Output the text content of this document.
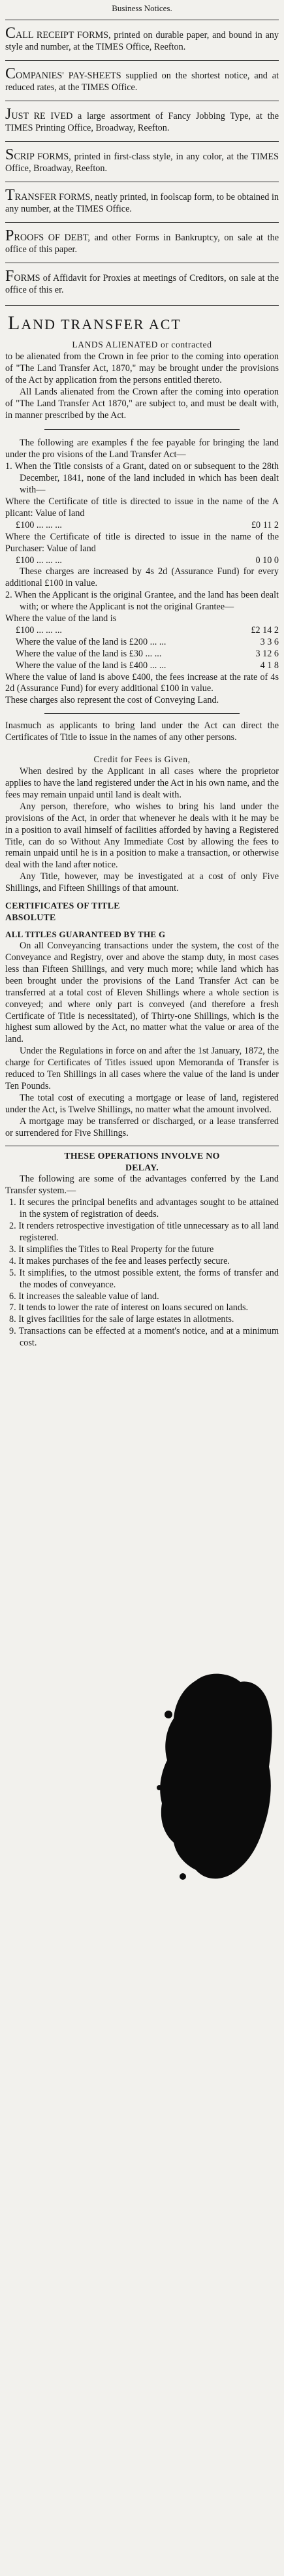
Business Notices.

CALL RECEIPT FORMS, printed on durable paper, and bound in any style and number, at the TIMES Office, Reefton.

COMPANIES' PAY-SHEETS supplied on the shortest notice, and at reduced rates, at the TIMES Office.

JUST RE IVED a large assortment of Fancy Jobbing Type, at the TIMES Printing Office, Broadway, Reefton.

SCRIP FORMS, printed in first-class style, in any color, at the TIMES Office, Broadway, Reefton.

TRANSFER FORMS, neatly printed, in foolscap form, to be obtained in any number, at the TIMES Office.

PROOFS OF DEBT, and other Forms in Bankruptcy, on sale at the office of this paper.

FORMS of Affidavit for Proxies at meetings of Creditors, on sale at the office of this er.

LAND TRANSFER ACT

LANDS ALIENATED or contracted

to be alienated from the Crown in fee prior to the coming into operation of "The Land Transfer Act, 1870," may be brought under the provisions of the Act by application from the persons entitled thereto.

All Lands alienated from the Crown after the coming into operation of "The Land Transfer Act 1870," are subject to, and must be dealt with, in manner prescribed by the Act.

The following are examples f the fee payable for bringing the land under the pro visions of the Land Transfer Act—

1. When the Title consists of a Grant, dated on or subsequent to the 28th December, 1841, none of the land included in which has been dealt with—

Where the Certificate of title is directed to issue in the name of the A plicant: Value of land

£100 ... ... ...	£0 11 2

Where the Certificate of title is directed to issue in the name of the Purchaser: Value of land

£100 ... ... ...	0 10 0

These charges are increased by 4s 2d (Assurance Fund) for every additional £100 in value.

2. When the Applicant is the original Grantee, and the land has been dealt with; or where the Applicant is not the original Grantee—

Where the value of the land is

£100 ... ... ...	£2 14 2
Where the value of the land is £200 ... ...	3 3 6
Where the value of the land is £30 ... ...	3 12 6
Where the value of the land is £400 ... ...	4 1 8

Where the value of land is above £400, the fees increase at the rate of 4s 2d (Assurance Fund) for every additional £100 in value.

These charges also represent the cost of Conveying Land.

Inasmuch as applicants to bring land under the Act can direct the Certificates of Title to issue in the names of any other persons.

Credit for Fees is Given,

When desired by the Applicant in all cases where the proprietor applies to have the land registered under the Act in his own name, and the fees may remain unpaid until land is dealt with.

Any person, therefore, who wishes to bring his land under the provisions of the Act, in order that whenever he deals with it he may be in a position to avail himself of facilities afforded by having a Registered Title, can do so Without Any Immediate Cost by allowing the fees to remain unpaid until he is in a position to make a transaction, or otherwise deal with the land after notice.

Any Title, however, may be investigated at a cost of only Five Shillings, and Fifteen Shillings of that amount.

CERTIFICATES OF TITLE

ABSOLUTE

ALL TITLES GUARANTEED BY THE G

On all Conveyancing transactions under the system, the cost of the Conveyance and Registry, over and above the stamp duty, in most cases less than Fifteen Shillings, and very much more; while land which has been brought under the provisions of the Land Transfer Act can be transferred at a total cost of Eleven Shillings where a whole section is conveyed; and where only part is conveyed (and therefore a fresh Certificate of Title is necessitated), of Thirty-one Shillings, which is the highest sum allowed by the Act, no matter what the value or area of the land.

Under the Regulations in force on and after the 1st January, 1872, the charge for Certificates of Titles issued upon Memoranda of Transfer is reduced to Ten Shillings in all cases where the value of the land is under Ten Pounds.

The total cost of executing a mortgage or lease of land, registered under the Act, is Twelve Shillings, no matter what the amount involved.

A mortgage may be transferred or discharged, or a lease transferred or surrendered for Five Shillings.

THESE OPERATIONS INVOLVE NO

DELAY.

The following are some of the advantages conferred by the Land Transfer system.—

1. It secures the principal benefits and advantages sought to be attained in the system of registration of deeds.

2. It renders retrospective investigation of title unnecessary as to all land registered.

3. It simplifies the Titles to Real Property for the future

4. It makes purchases of the fee and leases perfectly secure.

5. It simplifies, to the utmost possible extent, the forms of transfer and the modes of conveyance.

6. It increases the saleable value of land.

7. It tends to lower the rate of interest on loans secured on lands.

8. It gives facilities for the sale of large estates in allotments.

9. Transactions can be effected at a moment's notice, and at a minimum cost.
